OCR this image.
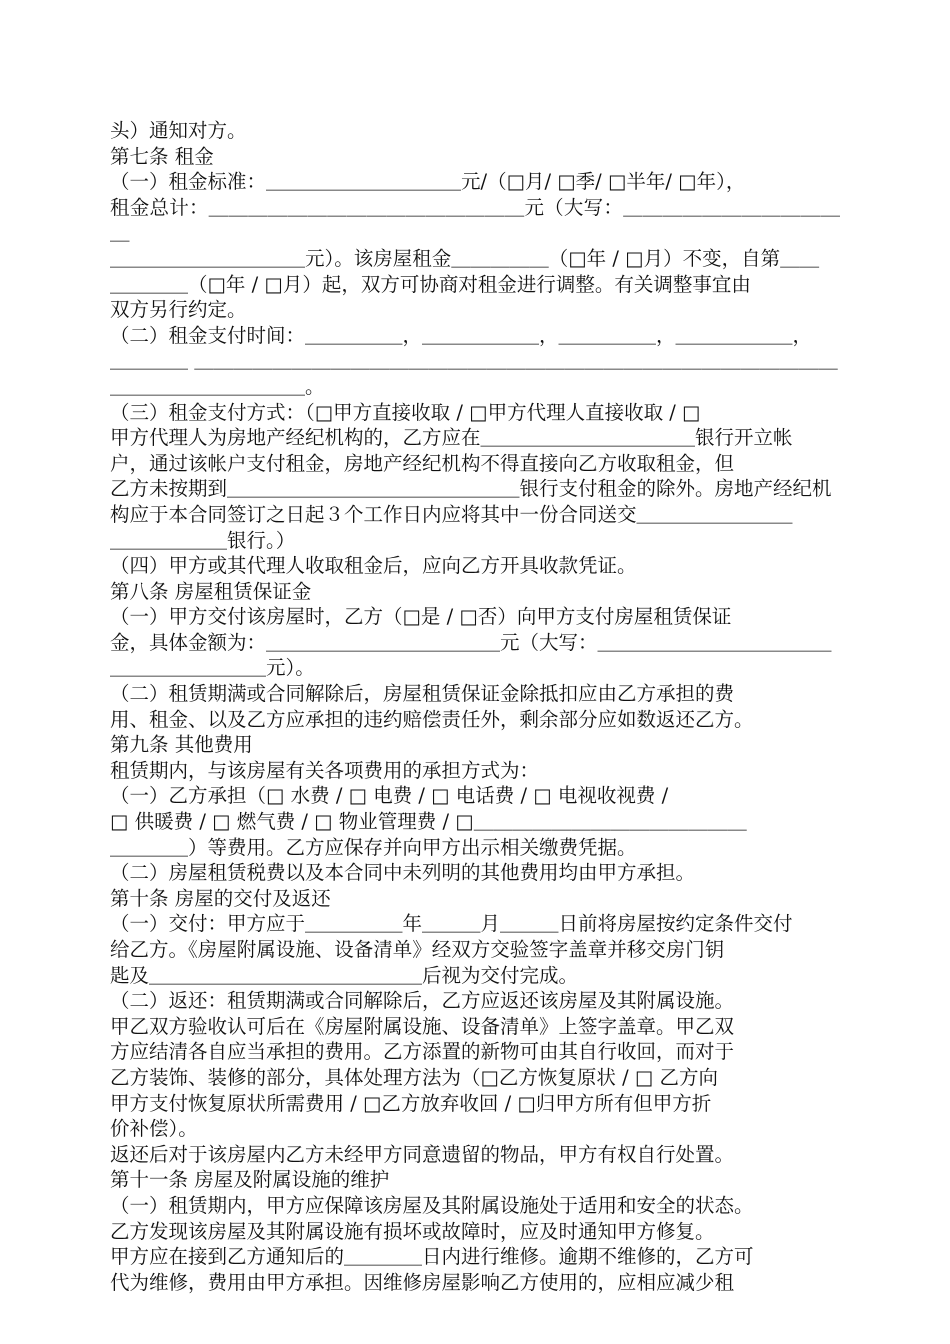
头）通知对方。

第七条 租金

（一）租金标准：＿＿＿＿＿＿＿＿＿＿元/（□月/ □季/ □半年/ □年），

租金总计：＿＿＿＿＿＿＿＿＿＿＿＿＿＿＿＿元（大写：＿＿＿＿＿＿＿＿＿＿＿＿

＿＿＿＿＿＿＿＿＿＿元）。该房屋租金＿＿＿＿＿（□年 / □月）不变，自第＿＿

＿＿＿＿（□年 / □月）起，双方可协商对租金进行调整。有关调整事宜由

双方另行约定。

（二）租金支付时间：＿＿＿＿＿，＿＿＿＿＿＿，＿＿＿＿＿，＿＿＿＿＿＿，

＿＿＿＿ ＿＿＿＿＿＿＿＿＿＿＿＿＿＿＿＿＿＿＿＿＿＿＿＿＿＿＿＿＿＿＿＿＿

＿＿＿＿＿＿＿＿＿＿。

（三）租金支付方式：（□甲方直接收取 / □甲方代理人直接收取 / □

甲方代理人为房地产经纪机构的，乙方应在＿＿＿＿＿＿＿＿＿＿＿银行开立帐

户，通过该帐户支付租金，房地产经纪机构不得直接向乙方收取租金，但

乙方未按期到＿＿＿＿＿＿＿＿＿＿＿＿＿＿＿银行支付租金的除外。房地产经纪机

构应于本合同签订之日起３个工作日内应将其中一份合同送交＿＿＿＿＿＿＿＿

＿＿＿＿＿＿银行。）

（四）甲方或其代理人收取租金后，应向乙方开具收款凭证。

第八条 房屋租赁保证金

（一）甲方交付该房屋时，乙方（□是 / □否）向甲方支付房屋租赁保证

金，具体金额为：＿＿＿＿＿＿＿＿＿＿＿＿元（大写：＿＿＿＿＿＿＿＿＿＿＿＿

＿＿＿＿＿＿＿＿元）。

（二）租赁期满或合同解除后，房屋租赁保证金除抵扣应由乙方承担的费

用、租金、以及乙方应承担的违约赔偿责任外，剩余部分应如数返还乙方。

第九条 其他费用

租赁期内，与该房屋有关各项费用的承担方式为：

（一）乙方承担（□ 水费 / □ 电费 / □ 电话费 / □ 电视收视费 /

□ 供暖费 / □ 燃气费 / □ 物业管理费 / □＿＿＿＿＿＿＿＿＿＿＿＿＿＿

＿＿＿＿）等费用。乙方应保存并向甲方出示相关缴费凭据。

（二）房屋租赁税费以及本合同中未列明的其他费用均由甲方承担。

第十条 房屋的交付及返还

（一）交付：甲方应于＿＿＿＿＿年＿＿＿月＿＿＿日前将房屋按约定条件交付

给乙方。《房屋附属设施、设备清单》经双方交验签字盖章并移交房门钥

匙及＿＿＿＿＿＿＿＿＿＿＿＿＿＿后视为交付完成。

（二）返还：租赁期满或合同解除后，乙方应返还该房屋及其附属设施。

甲乙双方验收认可后在《房屋附属设施、设备清单》上签字盖章。甲乙双

方应结清各自应当承担的费用。乙方添置的新物可由其自行收回，而对于

乙方装饰、装修的部分，具体处理方法为（□乙方恢复原状 / □ 乙方向

甲方支付恢复原状所需费用 / □乙方放弃收回 / □归甲方所有但甲方折

价补偿）。

返还后对于该房屋内乙方未经甲方同意遗留的物品，甲方有权自行处置。

第十一条 房屋及附属设施的维护

（一）租赁期内，甲方应保障该房屋及其附属设施处于适用和安全的状态。

乙方发现该房屋及其附属设施有损坏或故障时，应及时通知甲方修复。

甲方应在接到乙方通知后的＿＿＿＿日内进行维修。逾期不维修的，乙方可

代为维修，费用由甲方承担。因维修房屋影响乙方使用的，应相应减少租
